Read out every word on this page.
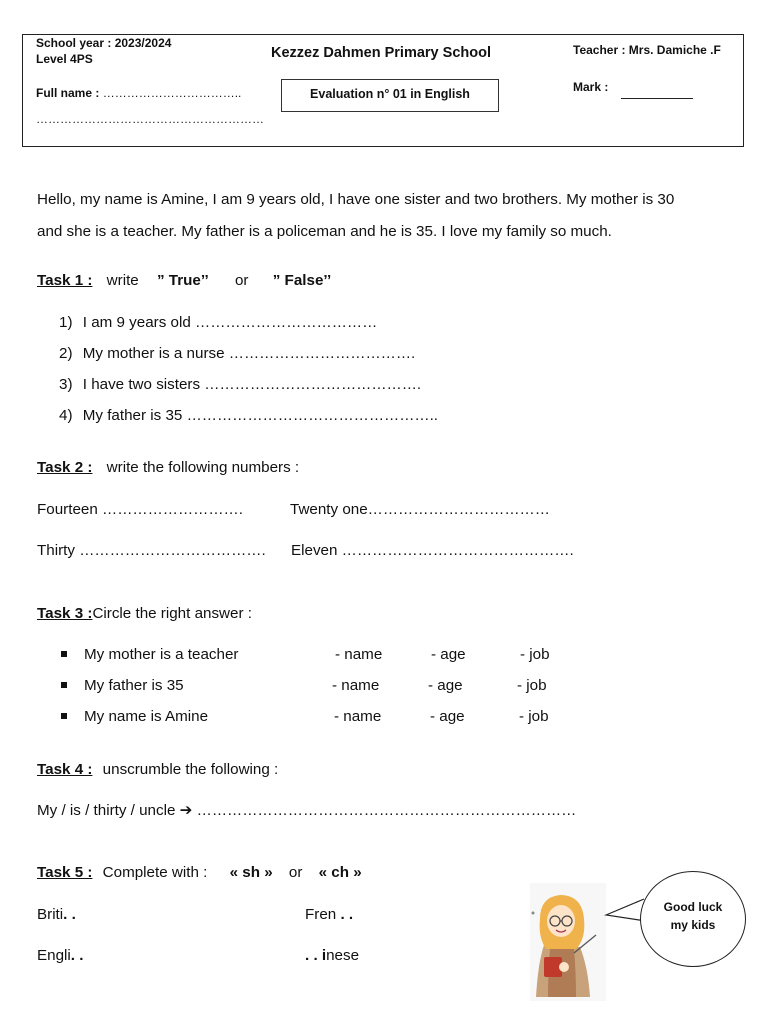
School year : 2023/2024
Level 4PS
Full name : ……………………………..
…………………………………………………
Kezzez Dahmen Primary School
Evaluation n° 01 in English
Teacher : Mrs. Damiche .F
Mark :
Hello, my name is Amine, I am 9 years old, I have one sister and two brothers. My mother is 30
and she is a teacher. My father is a policeman and he is 35. I love my family so much.
Task 1 : write ” True’’ or ” False’’
1) I am 9 years old ………………………………
2) My mother is a nurse ……………………………….
3) I have two sisters …………………………………….
4) My father is 35 …………………………………………..
Task 2 : write the following numbers :
Fourteen ……………………….	Twenty one………………………………
Thirty ………………………………. Eleven ……………………………………….
Task 3 :Circle the right answer :
My mother is a teacher	- name	- age	- job
My father is 35	- name	- age	- job
My name is Amine	- name	- age	- job
Task 4 : unscrumble the following :
My / is / thirty / uncle ➔ …………………………………………………………………
Task 5 : Complete with : « sh » or « ch »
Briti. .	Fren . .
Engli. .	. . inese
Good luck
my kids
